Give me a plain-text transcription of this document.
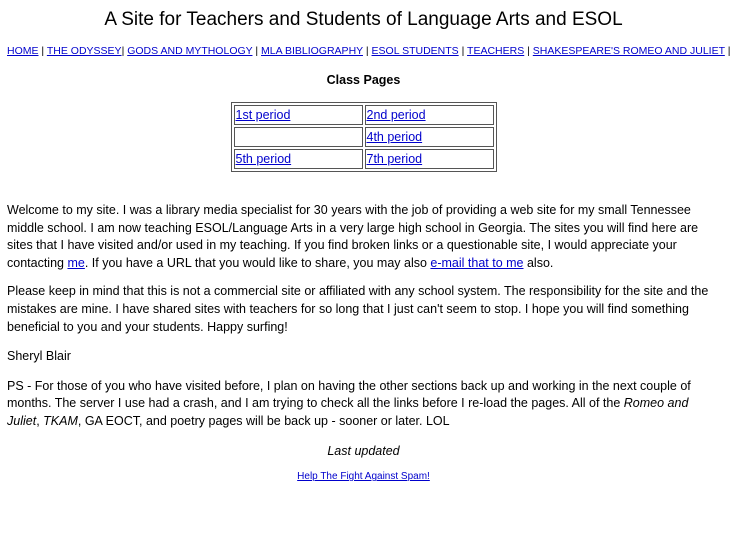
A Site for Teachers and Students of Language Arts and ESOL
HOME | THE ODYSSEY| GODS AND MYTHOLOGY | MLA BIBLIOGRAPHY | ESOL STUDENTS | TEACHERS | SHAKESPEARE'S ROMEO AND JULIET |
Class Pages
1st period	2nd period
	4th period
5th period	7th period

Welcome to my site. I was a library media specialist for 30 years with the job of providing a web site for my small Tennessee middle school. I am now teaching ESOL/Language Arts in a very large high school in Georgia. The sites you will find here are sites that I have visited and/or used in my teaching. If you find broken links or a questionable site, I would appreciate your contacting me. If you have a URL that you would like to share, you may also e-mail that to me also.

Please keep in mind that this is not a commercial site or affiliated with any school system. The responsibility for the site and the mistakes are mine. I have shared sites with teachers for so long that I just can't seem to stop. I hope you will find something beneficial to you and your students. Happy surfing!

Sheryl Blair

PS - For those of you who have visited before, I plan on having the other sections back up and working in the next couple of months. The server I use had a crash, and I am trying to check all the links before I re-load the pages. All of the Romeo and Juliet, TKAM, GA EOCT, and poetry pages will be back up - sooner or later. LOL

Last updated

Help The Fight Against Spam!
